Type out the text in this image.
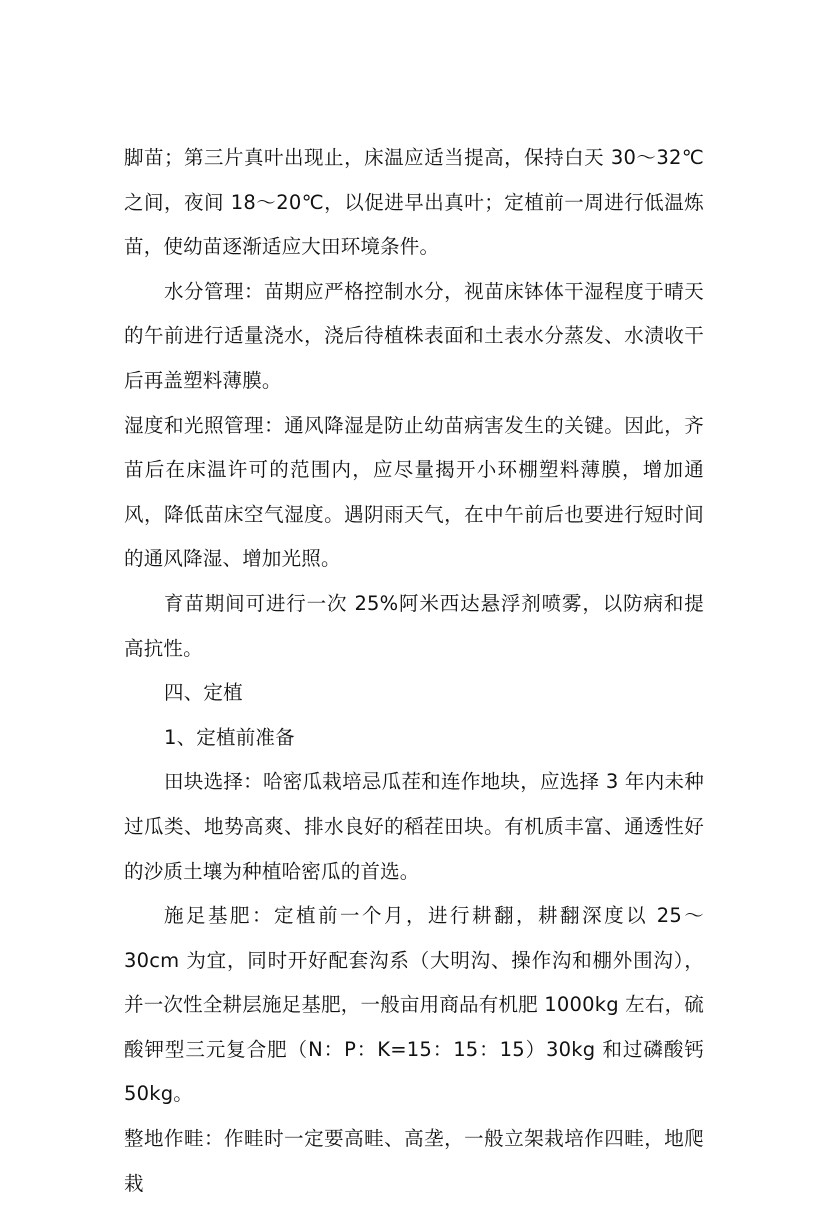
脚苗；第三片真叶出现止，床温应适当提高，保持白天 30～32℃之间，夜间 18～20℃，以促进早出真叶；定植前一周进行低温炼苗，使幼苗逐渐适应大田环境条件。

水分管理：苗期应严格控制水分，视苗床钵体干湿程度于晴天的午前进行适量浇水，浇后待植株表面和土表水分蒸发、水渍收干后再盖塑料薄膜。

湿度和光照管理：通风降湿是防止幼苗病害发生的关键。因此，齐苗后在床温许可的范围内，应尽量揭开小环棚塑料薄膜，增加通风，降低苗床空气湿度。遇阴雨天气，在中午前后也要进行短时间的通风降湿、增加光照。

育苗期间可进行一次 25%阿米西达悬浮剂喷雾，以防病和提高抗性。

四、定植

1、定植前准备

田块选择：哈密瓜栽培忌瓜茬和连作地块，应选择 3 年内未种过瓜类、地势高爽、排水良好的稻茬田块。有机质丰富、通透性好的沙质土壤为种植哈密瓜的首选。

施足基肥：定植前一个月，进行耕翻，耕翻深度以 25～30cm 为宜，同时开好配套沟系（大明沟、操作沟和棚外围沟），并一次性全耕层施足基肥，一般亩用商品有机肥 1000kg 左右，硫酸钾型三元复合肥（N：P：K=15：15：15）30kg 和过磷酸钙 50kg。

整地作畦：作畦时一定要高畦、高垄，一般立架栽培作四畦，地爬栽
